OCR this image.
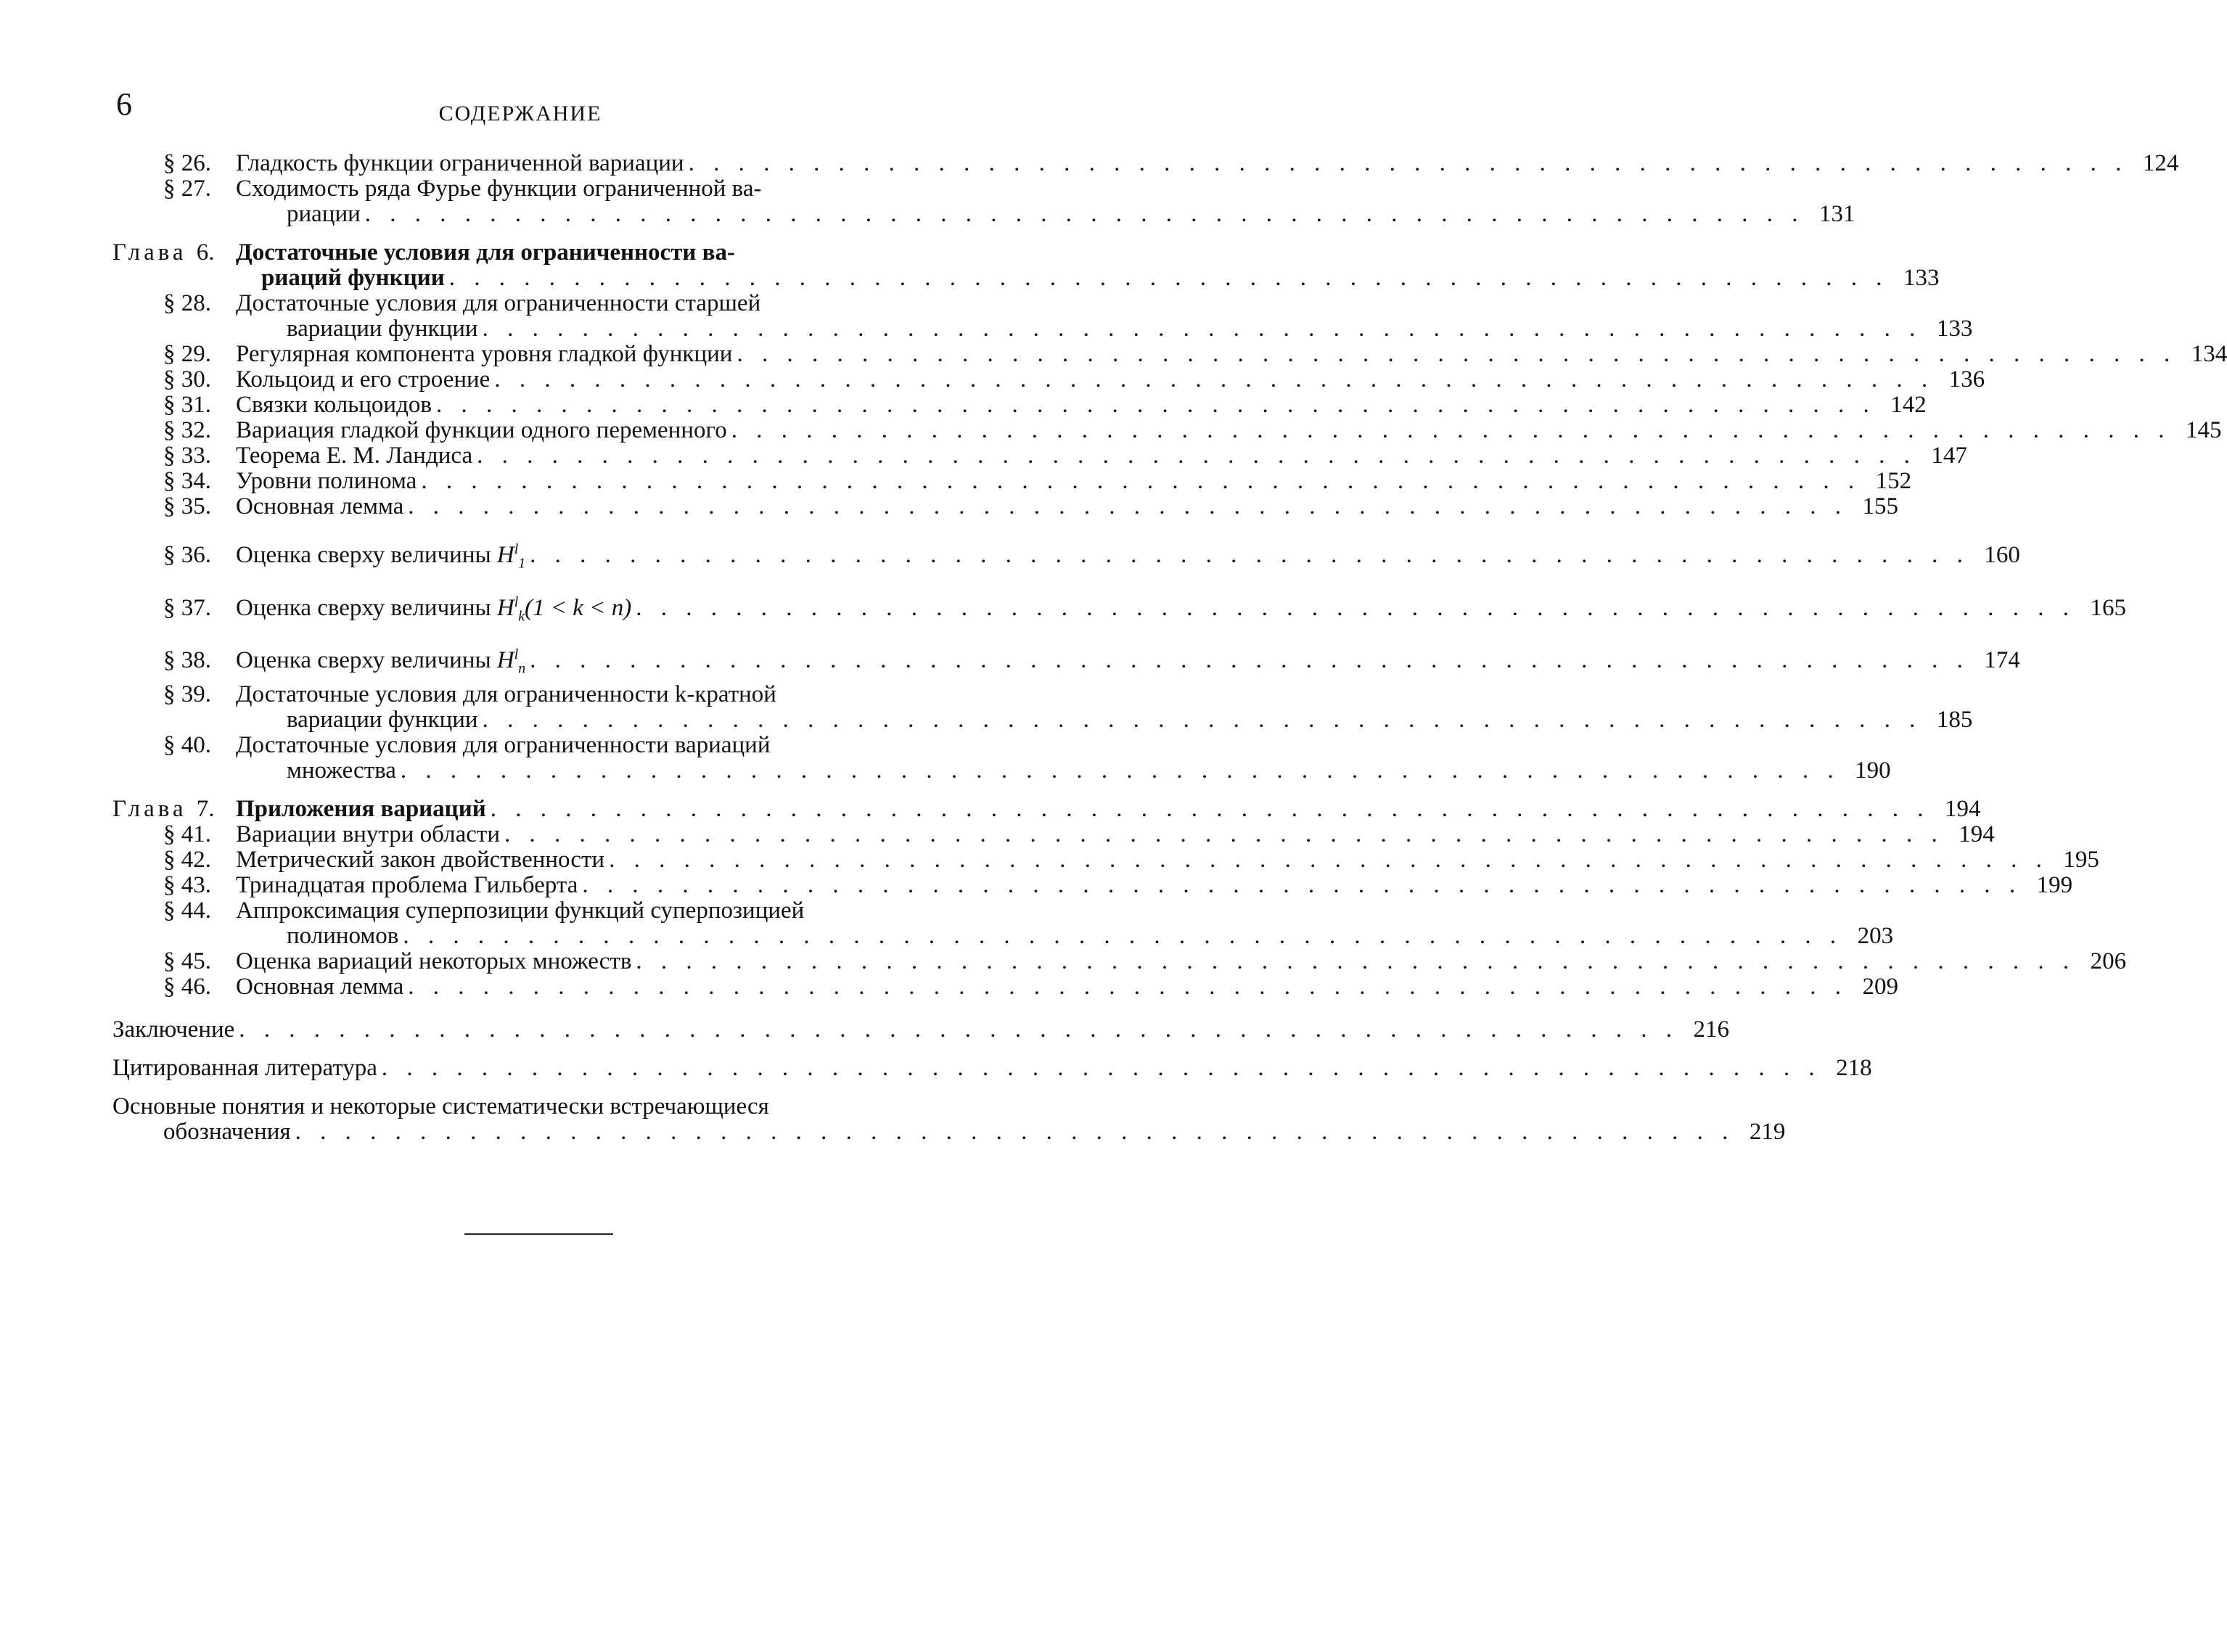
6	СОДЕРЖАНИЕ
§ 26.	Гладкость функции ограниченной вариации . . .	124
§ 27.	Сходимость ряда Фурье функции ограниченной ва-
риации . . .	131
Глава 6. Достаточные условия для ограниченности ва-
риаций функции . . .	133
§ 28.	Достаточные условия для ограниченности старшей
вариации функции . . .	133
§ 29.	Регулярная компонента уровня гладкой функции . . .	134
§ 30.	Кольцоид и его строение . . .	136
§ 31.	Связки кольцоидов . . .	142
§ 32.	Вариация гладкой функции одного переменного . . .	145
§ 33.	Теорема Е. М. Ландиса . . .	147
§ 34.	Уровни полинома . . .	152
§ 35.	Основная лемма . . .	155
§ 36.	Оценка сверху величины $H^l_1$ . . .	160
§ 37.	Оценка сверху величины $H^l_k(1 < k < n)$ . . .	165
§ 38.	Оценка сверху величины $H^l_n$ . . .	174
§ 39.	Достаточные условия для ограниченности k-кратной
вариации функции . . .	185
§ 40.	Достаточные условия для ограниченности вариаций
множества . . .	190
Глава 7. Приложения вариаций . . .	194
§ 41.	Вариации внутри области . . .	194
§ 42.	Метрический закон двойственности . . .	195
§ 43.	Тринадцатая проблема Гильберта . . .	199
§ 44.	Аппроксимация суперпозиции функций суперпозицией
полиномов . . .	203
§ 45.	Оценка вариаций некоторых множеств . . .	206
§ 46.	Основная лемма . . .	209
Заключение . . .	216
Цитированная литература . . .	218
Основные понятия и некоторые систематически встречающиеся
обозначения . . .	219
